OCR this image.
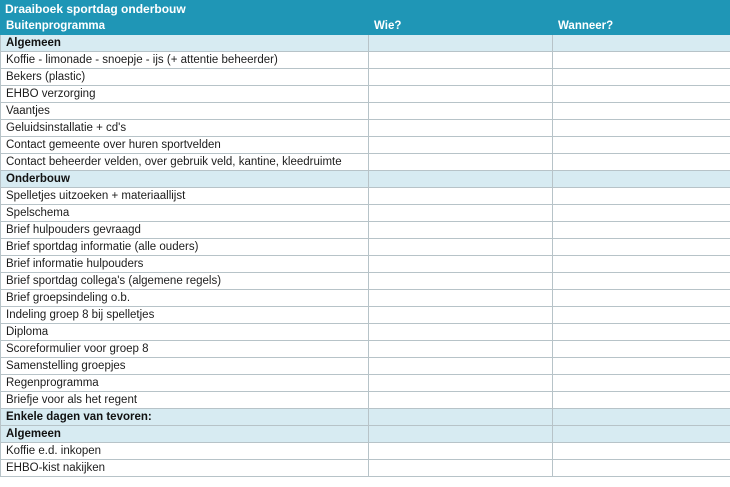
Draaiboek sportdag onderbouw
Buitenprogramma	Wie?	Wanneer?
Algemeen		
Koffie - limonade - snoepje - ijs (+ attentie beheerder)		
Bekers (plastic)		
EHBO verzorging		
Vaantjes		
Geluidsinstallatie + cd's		
Contact gemeente over huren sportvelden		
Contact beheerder velden, over gebruik veld, kantine, kleedruimte		
Onderbouw		
Spelletjes uitzoeken + materiaallijst		
Spelschema		
Brief hulpouders gevraagd		
Brief sportdag informatie (alle ouders)		
Brief informatie hulpouders		
Brief sportdag collega's (algemene regels)		
Brief groepsindeling o.b.		
Indeling groep 8 bij spelletjes		
Diploma		
Scoreformulier voor groep 8		
Samenstelling groepjes		
Regenprogramma		
Briefje voor als het regent		
Enkele dagen van tevoren:		
Algemeen		
Koffie e.d. inkopen		
EHBO-kist nakijken		
